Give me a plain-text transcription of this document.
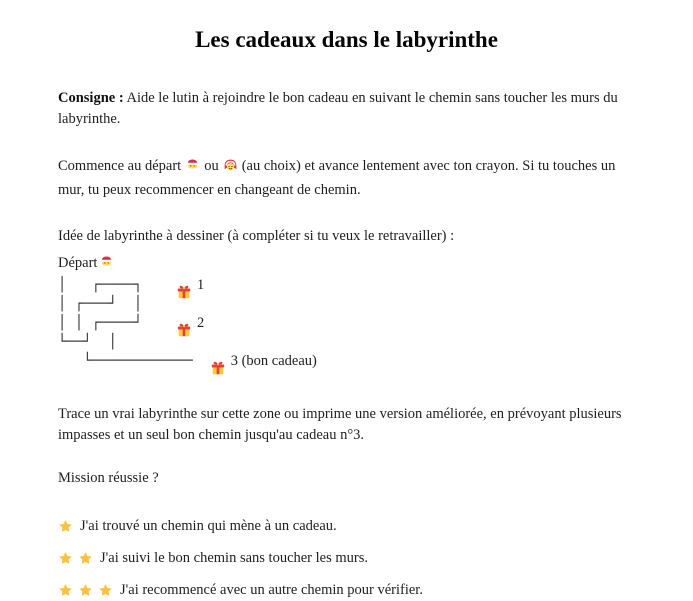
Les cadeaux dans le labyrinthe

Consigne : Aide le lutin à rejoindre le bon cadeau en suivant le chemin sans toucher les murs du labyrinthe.

Commence au départ ou (au choix) et avance lentement avec ton crayon. Si tu touches un mur, tu peux recommencer en changeant de chemin.

Idée de labyrinthe à dessiner (à compléter si tu veux le retravailler) :

Départ
│   ┌────┐

	1
│ ┌───┘  │
│ │ ┌────┘

	2
└──┘  │
└────────────

	3 (bon cadeau)

Trace un vrai labyrinthe sur cette zone ou imprime une version améliorée, en prévoyant plusieurs impasses et un seul bon chemin jusqu'au cadeau n°3.

Mission réussie ?

J'ai trouvé un chemin qui mène à un cadeau.
J'ai suivi le bon chemin sans toucher les murs.
J'ai recommencé avec un autre chemin pour vérifier.
